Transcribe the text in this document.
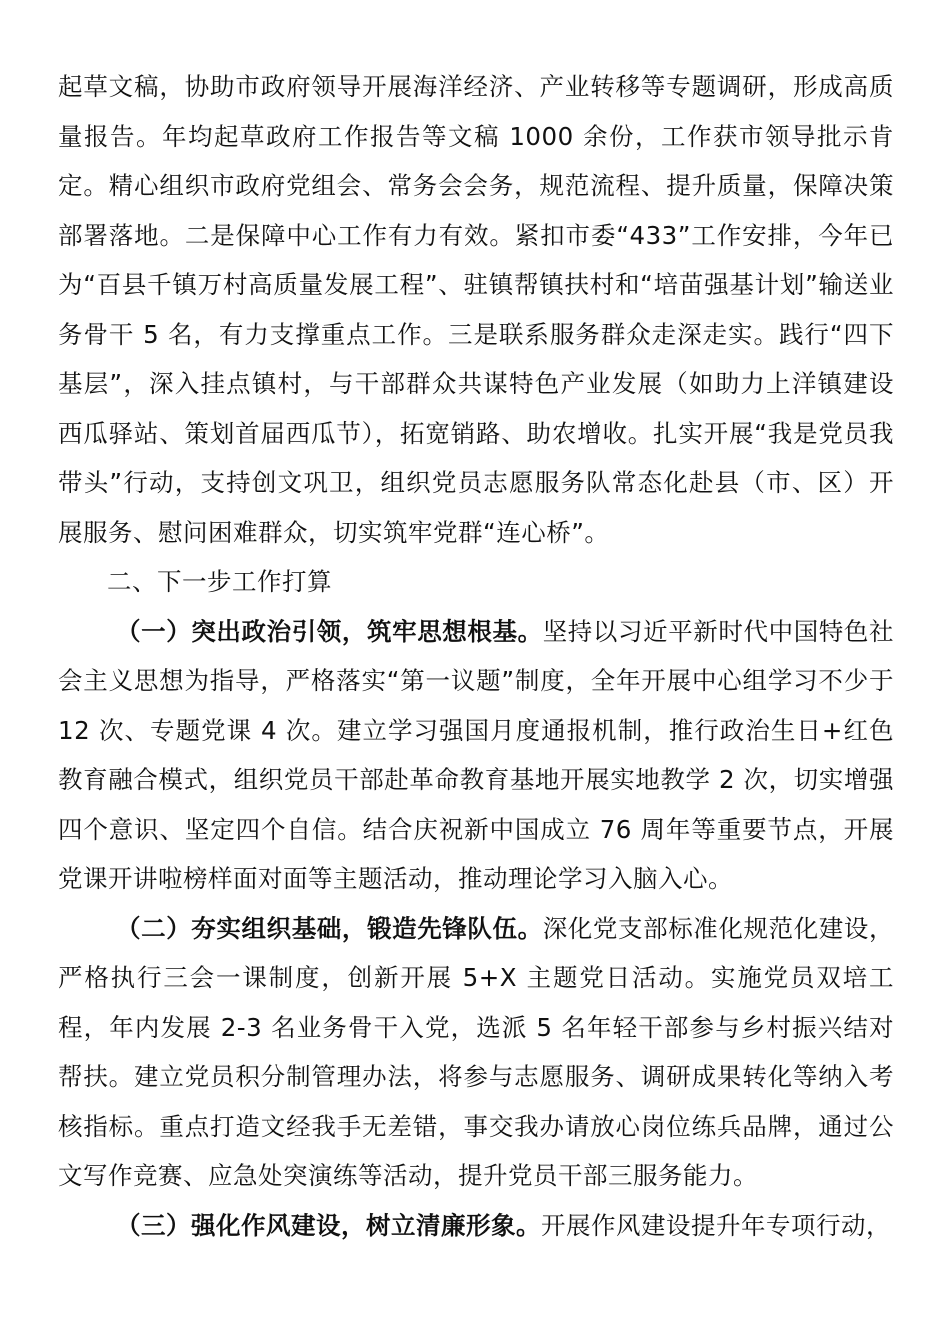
起草文稿，协助市政府领导开展海洋经济、产业转移等专题调研，形成高质量报告。年均起草政府工作报告等文稿 1000 余份，工作获市领导批示肯定。精心组织市政府党组会、常务会会务，规范流程、提升质量，保障决策部署落地。二是保障中心工作有力有效。紧扣市委“433”工作安排，今年已为“百县千镇万村高质量发展工程”、驻镇帮镇扶村和“培苗强基计划”输送业务骨干 5 名，有力支撑重点工作。三是联系服务群众走深走实。践行“四下基层”，深入挂点镇村，与干部群众共谋特色产业发展（如助力上洋镇建设西瓜驿站、策划首届西瓜节），拓宽销路、助农增收。扎实开展“我是党员我带头”行动，支持创文巩卫，组织党员志愿服务队常态化赴县（市、区）开展服务、慰问困难群众，切实筑牢党群“连心桥”。

二、下一步工作打算

（一）突出政治引领，筑牢思想根基。坚持以习近平新时代中国特色社会主义思想为指导，严格落实“第一议题”制度，全年开展中心组学习不少于 12 次、专题党课 4 次。建立学习强国月度通报机制，推行政治生日+红色教育融合模式，组织党员干部赴革命教育基地开展实地教学 2 次，切实增强四个意识、坚定四个自信。结合庆祝新中国成立 76 周年等重要节点，开展党课开讲啦榜样面对面等主题活动，推动理论学习入脑入心。

（二）夯实组织基础，锻造先锋队伍。深化党支部标准化规范化建设，严格执行三会一课制度，创新开展 5+X 主题党日活动。实施党员双培工程，年内发展 2-3 名业务骨干入党，选派 5 名年轻干部参与乡村振兴结对帮扶。建立党员积分制管理办法，将参与志愿服务、调研成果转化等纳入考核指标。重点打造文经我手无差错，事交我办请放心岗位练兵品牌，通过公文写作竞赛、应急处突演练等活动，提升党员干部三服务能力。

（三）强化作风建设，树立清廉形象。开展作风建设提升年专项行动，
